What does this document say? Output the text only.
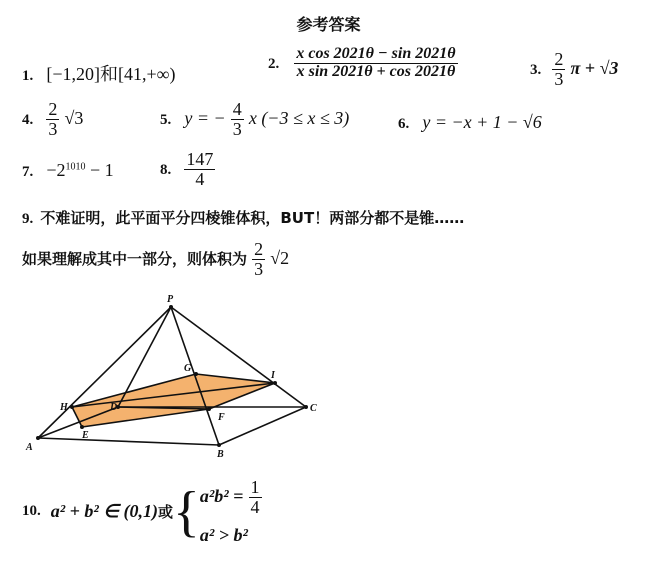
参考答案
1. [−1,20]和[41,+∞)
2. $\frac{\text{x cos 2021θ − sin 2021θ}}{\text{x sin 2021θ + cos 2021θ}}$	3. $\frac{2}{3}$ π + √3
4. $\frac{2}{3} √3$	5. y = − $\frac{4}{3}$ x (−3 ≤ x ≤ 3)	6. y = −x + 1 − √6
7. $-2^{1010} - 1$	8. $\frac{147}{4}$
9. 不难证明，此平面平分四棱锥体积，BUT！两部分都不是锥……
如果理解成其中一部分，则体积为 $\frac{2}{3} √2$
P
G
I
H	D
F
C
E
A
B
10. a² + b² ∈ (0,1) 或 { $a^2b^2 = \frac{1}{4}$
a² > b²
